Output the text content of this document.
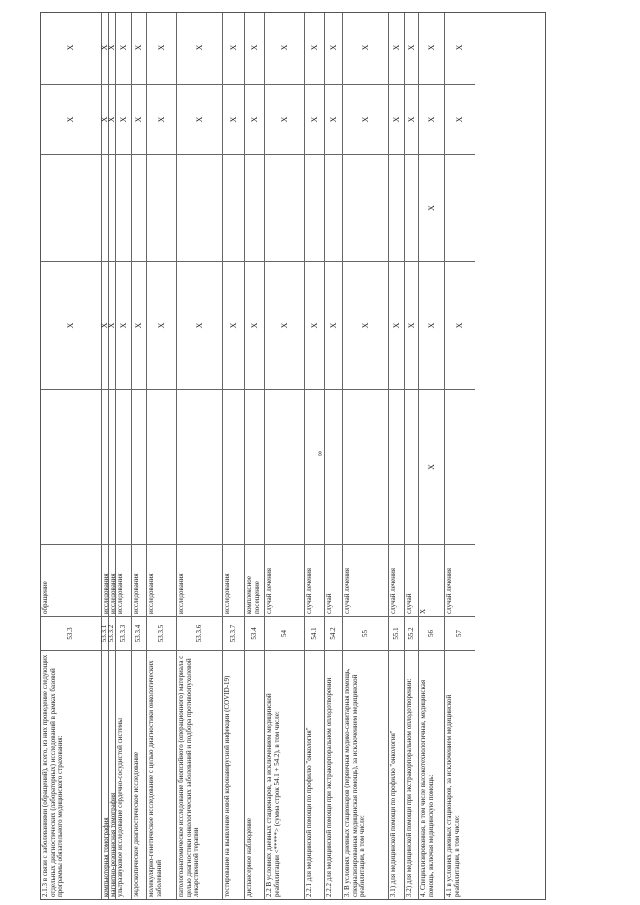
8
2.1.3 в связи с заболеваниями (обращений), всего, из них проведение следующих отдельных диагностических (лабораторных) исследований в рамках базовой программы обязательного медицинского страхования:
53.3
обращение
X
X
X
компьютерная томография
53.3.1
исследования
X
X
X
магнитно-резонансная томография
53.3.2
исследования
X
X
X
ультразвуковое исследование сердечно-сосудистой системы
53.3.3
исследования
X
X
X
эндоскопическое диагностическое исследование
53.3.4
исследования
X
X
X
молекулярно-генетическое исследование с целью диагностики онкологических заболеваний
53.3.5
исследования
X
X
X
патологоанатомическое исследование биопсийного (операционного) материала с целью диагностики онкологических заболеваний и подбора противоопухолевой лекарственной терапии
53.3.6
исследования
X
X
X
тестирование на выявление новой коронавирусной инфекции (COVID-19)
53.3.7
исследования
X
X
X
диспансерное наблюдение
53.4
комплексное посещение
X
X
X
2.2 В условиях дневных стационаров, за исключением медицинской реабилитации <*****> (сумма строк 54.1 + 54.2), в том числе:
54
случай лечения
X
X
X
2.2.1 для медицинской помощи по профилю "онкология"
54.1
случай лечения
X
X
X
2.2.2 для медицинской помощи при экстракорпоральном оплодотворении
54.2
случай
X
X
X
3. В условиях дневных стационаров (первичная медико-санитарная помощь, специализированная медицинская помощь), за исключением медицинской реабилитации, в том числе:
55
случай лечения
X
X
X
3.1) для медицинской помощи по профилю "онкология"
55.1
случай лечения
X
X
X
3.2) для медицинской помощи при экстракорпоральном оплодотворении:
55.2
случай
X
X
X
4. Специализированная, в том числе высокотехнологичная, медицинская помощь, включая медицинскую помощь:
56
X
X
X
X
X
X
4.1 в условиях дневных стационаров, за исключением медицинской реабилитации, в том числе:
57
случай лечения
X
X
X
